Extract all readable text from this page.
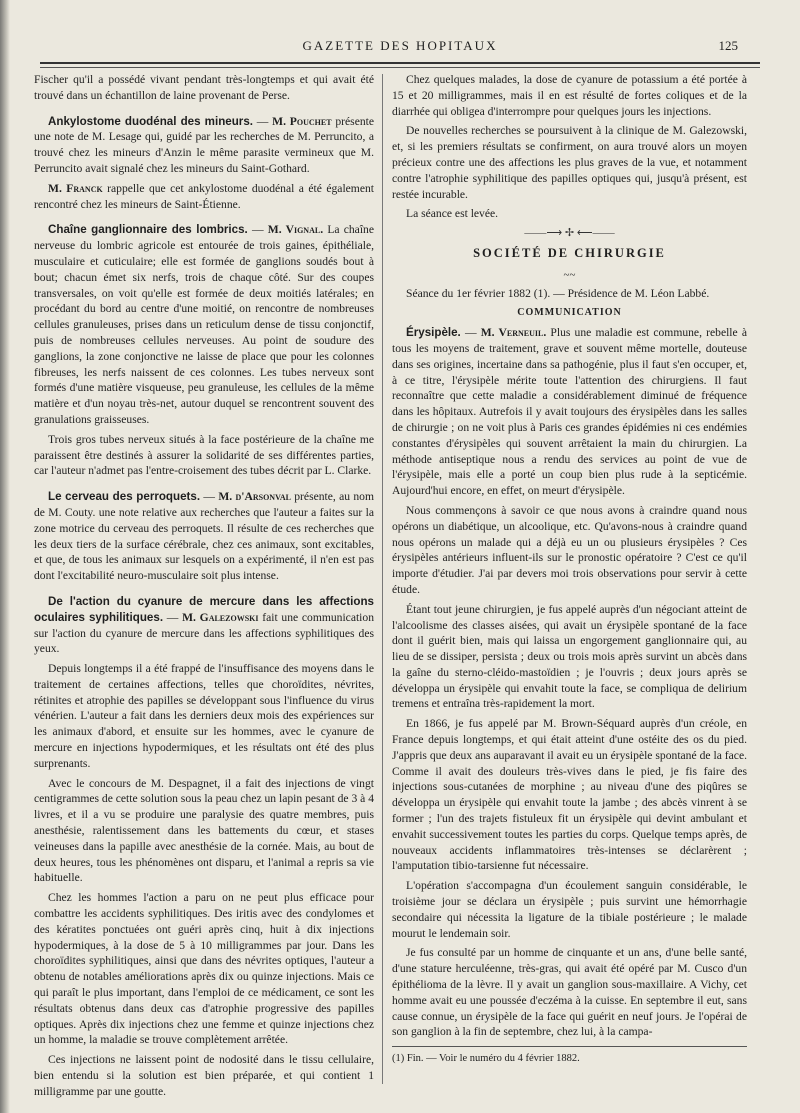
GAZETTE DES HOPITAUX	125

Fischer qu'il a possédé vivant pendant très-longtemps et qui avait été trouvé dans un échantillon de laine provenant de Perse.

Ankylostome duodénal des mineurs. — M. Pouchet présente une note de M. Lesage qui, guidé par les recherches de M. Perruncito, a trouvé chez les mineurs d'Anzin le même parasite vermineux que M. Perruncito avait signalé chez les mineurs du Saint-Gothard.

M. Franck rappelle que cet ankylostome duodénal a été également rencontré chez les mineurs de Saint-Étienne.

Chaîne ganglionnaire des lombrics. — M. Vignal. La chaîne nerveuse du lombric agricole est entourée de trois gaines, épithéliale, musculaire et cuticulaire; elle est formée de ganglions soudés bout à bout; chacun émet six nerfs, trois de chaque côté. Sur des coupes transversales, on voit qu'elle est formée de deux moitiés latérales; en procédant du bord au centre d'une moitié, on rencontre de nombreuses cellules granuleuses, prises dans un reticulum dense de tissu conjonctif, puis de nombreuses cellules nerveuses. Au point de soudure des ganglions, la zone conjonctive ne laisse de place que pour les colonnes fibreuses, les nerfs naissent de ces colonnes. Les tubes nerveux sont formés d'une matière visqueuse, peu granuleuse, les cellules de la même matière et d'un noyau très-net, autour duquel se rencontrent souvent des granulations graisseuses.

Trois gros tubes nerveux situés à la face postérieure de la chaîne me paraissent être destinés à assurer la solidarité de ses différentes parties, car l'auteur n'admet pas l'entre-croisement des tubes décrit par L. Clarke.

Le cerveau des perroquets. — M. d'Arsonval présente, au nom de M. Couty. une note relative aux recherches que l'auteur a faites sur la zone motrice du cerveau des perroquets. Il résulte de ces recherches que les deux tiers de la surface cérébrale, chez ces animaux, sont excitables, et que, de tous les animaux sur lesquels on a expérimenté, il n'en est pas dont l'excitabilité neuro-musculaire soit plus intense.

De l'action du cyanure de mercure dans les affections oculaires syphilitiques. — M. Galezowski fait une communication sur l'action du cyanure de mercure dans les affections syphilitiques des yeux.

Depuis longtemps il a été frappé de l'insuffisance des moyens dans le traitement de certaines affections, telles que choroïdites, névrites, rétinites et atrophie des papilles se développant sous l'influence du virus vénérien. L'auteur a fait dans les derniers deux mois des expériences sur les animaux d'abord, et ensuite sur les hommes, avec le cyanure de mercure en injections hypodermiques, et les résultats ont été des plus surprenants.

Avec le concours de M. Despagnet, il a fait des injections de vingt centigrammes de cette solution sous la peau chez un lapin pesant de 3 à 4 livres, et il a vu se produire une paralysie des quatre membres, puis anesthésie, ralentissement dans les battements du cœur, et stases veineuses dans la papille avec anesthésie de la cornée. Mais, au bout de deux heures, tous les phénomènes ont disparu, et l'animal a repris sa vie habituelle.

Chez les hommes l'action a paru on ne peut plus efficace pour combattre les accidents syphilitiques. Des iritis avec des condylomes et des kératites ponctuées ont guéri après cinq, huit à dix injections hypodermiques, à la dose de 5 à 10 milligrammes par jour. Dans les choroïdites syphilitiques, ainsi que dans des névrites optiques, l'auteur a obtenu de notables améliorations après dix ou quinze injections. Mais ce qui paraît le plus important, dans l'emploi de ce médicament, ce sont les résultats obtenus dans deux cas d'atrophie progressive des papilles optiques. Après dix injections chez une femme et quinze injections chez un homme, la maladie se trouve complètement arrêtée.

Ces injections ne laissent point de nodosité dans le tissu cellulaire, bien entendu si la solution est bien préparée, et qui contient 1 milligramme par une goutte.

Chez quelques malades, la dose de cyanure de potassium a été portée à 15 et 20 milligrammes, mais il en est résulté de fortes coliques et de la diarrhée qui obligea d'interrompre pour quelques jours les injections.

De nouvelles recherches se poursuivent à la clinique de M. Galezowski, et, si les premiers résultats se confirment, on aura trouvé alors un moyen précieux contre une des affections les plus graves de la vue, et notamment contre l'atrophie syphilitique des papilles optiques qui, jusqu'à présent, est restée incurable.

La séance est levée.

——⟶ ✢ ⟵——
SOCIÉTÉ DE CHIRURGIE
~~

Séance du 1er février 1882 (1). — Présidence de M. Léon Labbé.

COMMUNICATION

Érysipèle. — M. Verneuil. Plus une maladie est commune, rebelle à tous les moyens de traitement, grave et souvent même mortelle, douteuse dans ses origines, incertaine dans sa pathogénie, plus il faut s'en occuper, et, à ce titre, l'érysipèle mérite toute l'attention des chirurgiens. Il faut reconnaître que cette maladie a considérablement diminué de fréquence dans les hôpitaux. Autrefois il y avait toujours des érysipèles dans les salles de chirurgie ; on ne voit plus à Paris ces grandes épidémies ni ces endémies constantes d'érysipèles qui souvent arrêtaient la main du chirurgien. La méthode antiseptique nous a rendu des services au point de vue de l'érysipèle, mais elle a porté un coup bien plus rude à la septicémie. Aujourd'hui encore, en effet, on meurt d'érysipèle.

Nous commençons à savoir ce que nous avons à craindre quand nous opérons un diabétique, un alcoolique, etc. Qu'avons-nous à craindre quand nous opérons un malade qui a déjà eu un ou plusieurs érysipèles ? Ces érysipèles antérieurs influent-ils sur le pronostic opératoire ? C'est ce qu'il importe d'étudier. J'ai par devers moi trois observations pour servir à cette étude.

Étant tout jeune chirurgien, je fus appelé auprès d'un négociant atteint de l'alcoolisme des classes aisées, qui avait un érysipèle spontané de la face dont il guérit bien, mais qui laissa un engorgement ganglionnaire qui, au lieu de se dissiper, persista ; deux ou trois mois après survint un abcès dans la gaîne du sterno-cléido-mastoïdien ; je l'ouvris ; deux jours après se développa un érysipèle qui envahit toute la face, se compliqua de delirium tremens et entraîna très-rapidement la mort.

En 1866, je fus appelé par M. Brown-Séquard auprès d'un créole, en France depuis longtemps, et qui était atteint d'une ostéite des os du pied. J'appris que deux ans auparavant il avait eu un érysipèle spontané de la face. Comme il avait des douleurs très-vives dans le pied, je fis faire des injections sous-cutanées de morphine ; au niveau d'une des piqûres se développa un érysipèle qui envahit toute la jambe ; des abcès vinrent à se former ; l'un des trajets fistuleux fit un érysipèle qui devint ambulant et envahit successivement toutes les parties du corps. Quelque temps après, de nouveaux accidents inflammatoires très-intenses se déclarèrent ; l'amputation tibio-tarsienne fut nécessaire.

L'opération s'accompagna d'un écoulement sanguin considérable, le troisième jour se déclara un érysipèle ; puis survint une hémorrhagie secondaire qui nécessita la ligature de la tibiale postérieure ; le malade mourut le lendemain soir.

Je fus consulté par un homme de cinquante et un ans, d'une belle santé, d'une stature herculéenne, très-gras, qui avait été opéré par M. Cusco d'un épithélioma de la lèvre. Il y avait un ganglion sous-maxillaire. A Vichy, cet homme avait eu une poussée d'eczéma à la cuisse. En septembre il eut, sans cause connue, un érysipèle de la face qui guérit en neuf jours. Je l'opérai de son ganglion à la fin de septembre, chez lui, à la campa-

(1) Fin. — Voir le numéro du 4 février 1882.
